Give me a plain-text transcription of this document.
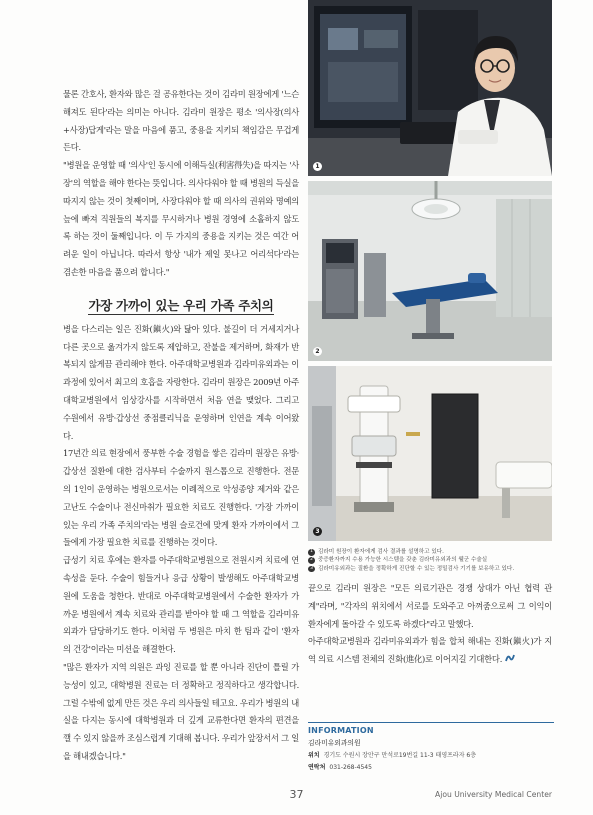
물론 간호사, 환자와 많은 걸 공유한다는 것이 김라미 원장에게 '느슨해져도 된다'라는 의미는 아니다. 김라미 원장은 평소 '의사장(의사+사장)답게'라는 말을 마음에 품고, 중용을 지키되 책임감은 무겁게 든다.

"병원을 운영할 때 '의사'인 동시에 이해득실(利害得失)을 따지는 '사장'의 역할을 해야 한다는 뜻입니다. 의사다워야 할 때 병원의 득실을 따지지 않는 것이 첫째이며, 사장다워야 할 때 의사의 권위와 명예의 늪에 빠져 직원들의 복지를 무시하거나 병원 경영에 소홀하지 않도록 하는 것이 둘째입니다. 이 두 가지의 중용을 지키는 것은 여간 어려운 일이 아닙니다. 따라서 항상 '내가 제일 못나고 어리석다'라는 겸손한 마음을 품으려 합니다."

가장 가까이 있는 우리 가족 주치의

병을 다스리는 일은 진화(鎭火)와 닮아 있다. 불길이 더 거세지거나 다른 곳으로 옮겨가지 않도록 제압하고, 잔불을 제거하며, 화재가 반복되지 않게끔 관리해야 한다. 아주대학교병원과 김라미유외과는 이 과정에 있어서 최고의 호흡을 자랑한다. 김라미 원장은 2009년 아주대학교병원에서 임상강사를 시작하면서 처음 연을 맺었다. 그리고 수원에서 유방·갑상선 중점클리닉을 운영하며 인연을 계속 이어왔다.

17년간 의료 현장에서 풍부한 수술 경험을 쌓은 김라미 원장은 유방·갑상선 질환에 대한 검사부터 수술까지 원스톱으로 진행한다. 전문의 1인이 운영하는 병원으로서는 이례적으로 악성종양 제거와 같은 고난도 수술이나 전신마취가 필요한 치료도 진행한다. '가장 가까이 있는 우리 가족 주치의'라는 병원 슬로건에 맞게 환자 가까이에서 그들에게 가장 필요한 치료를 진행하는 것이다.

급성기 치료 후에는 환자를 아주대학교병원으로 전원시켜 치료에 연속성을 둔다. 수술이 힘들거나 응급 상황이 발생해도 아주대학교병원에 도움을 청한다. 반대로 아주대학교병원에서 수술한 환자가 가까운 병원에서 계속 치료와 관리를 받아야 할 때 그 역할을 김라미유외과가 담당하기도 한다. 이처럼 두 병원은 마치 한 팀과 같이 '환자의 건강'이라는 미션을 해결한다.

"많은 환자가 지역 의원은 과잉 진료를 할 뿐 아니라 진단이 틀릴 가능성이 있고, 대학병원 진료는 더 정확하고 정직하다고 생각합니다. 그럴 수밖에 없게 만든 것은 우리 의사들일 테고요. 우리가 병원의 내실을 다지는 동시에 대학병원과 더 깊게 교류한다면 환자의 편견을 깰 수 있지 않을까 조심스럽게 기대해 봅니다. 우리가 앞장서서 그 일을 해내겠습니다."

1
2
3
1 김라미 원장이 환자에게 검사 결과를 설명하고 있다.
2 중증환자까지 수용 가능한 시스템을 갖춘 김라미유외과의 웰군 수술실
3 김라미유외과는 질환을 정확하게 진단할 수 있는 정밀검사 기기를 보유하고 있다.

끝으로 김라미 원장은 "모든 의료기관은 경쟁 상대가 아닌 협력 관계"라며, "각자의 위치에서 서로를 도와주고 아껴줌으로써 그 이익이 환자에게 돌아갈 수 있도록 하겠다"라고 말했다.

아주대학교병원과 김라미유외과가 힘을 합쳐 해내는 진화(鎭火)가 지역 의료 시스템 전체의 진화(進化)로 이어지길 기대한다.

INFORMATION
김라미유외과의원
위치 경기도 수원시 장안구 만석로19번길 11-3 태영프라자 6층
연락처 031-268-4545
37	Ajou University Medical Center
